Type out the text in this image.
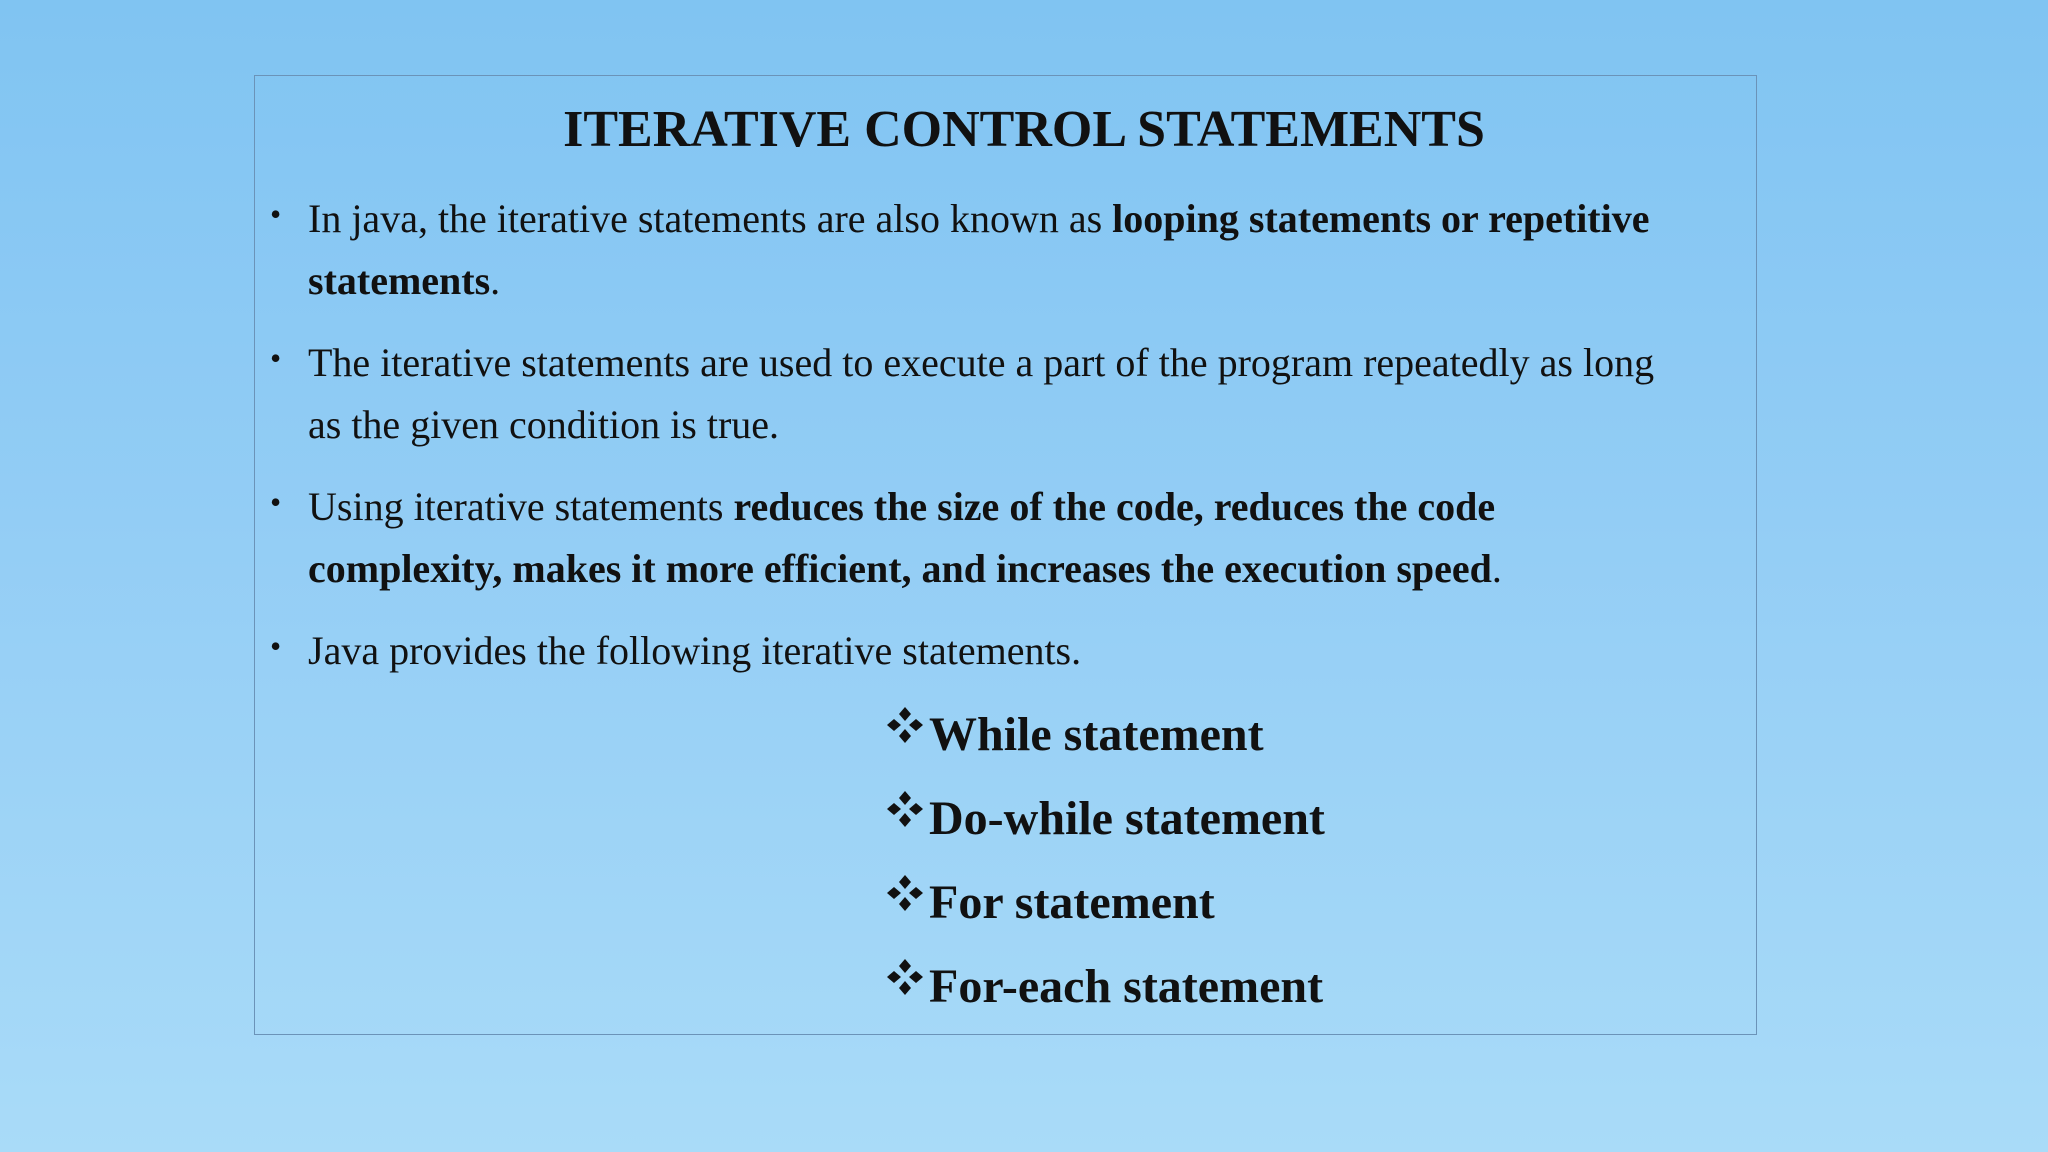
ITERATIVE CONTROL STATEMENTS
• In java, the iterative statements are also known as looping statements or repetitive statements.
• The iterative statements are used to execute a part of the program repeatedly as long as the given condition is true.
• Using iterative statements reduces the size of the code, reduces the code complexity, makes it more efficient, and increases the execution speed.
• Java provides the following iterative statements.
While statement
Do-while statement
For statement
For-each statement
